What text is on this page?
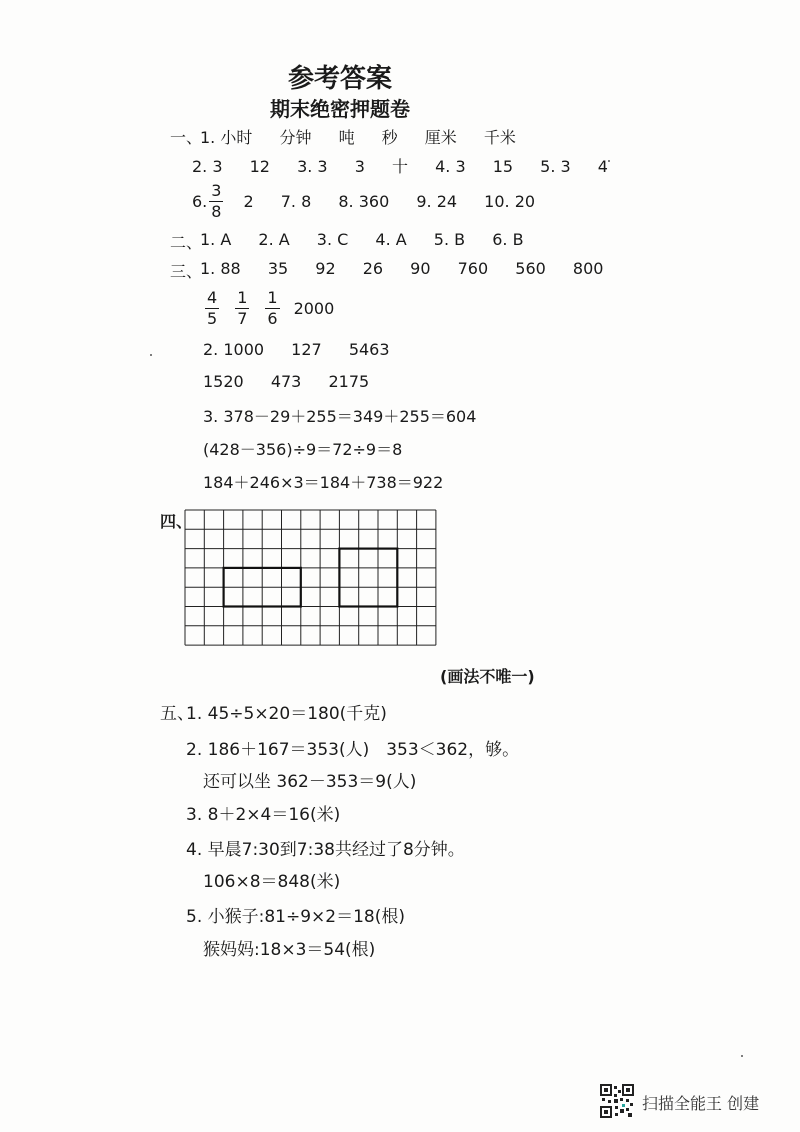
参考答案
期末绝密押题卷
一、
1. 小时 分钟 吨 秒 厘米 千米
2. 3 12 3. 3 3 十 4. 3 15 5. 3 4
6. $\frac{3}{8} 2$ 7. 8 8. 360 9. 24 10. 20
二、
1. A 2. A 3. C 4. A 5. B 6. B
三、
1. 88 35 92 26 90 760 560 800
$\frac{4}{5} \frac{1}{7} \frac{1}{6} 2000$
2. 1000 127 5463
1520 473 2175
3. 378－29＋255＝349＋255＝604
(428－356)÷9＝72÷9＝8
184＋246×3＝184＋738＝922
四、
(画法不唯一)
五、
1. 45÷5×20＝180(千克)
2. 186＋167＝353(人)　353＜362，够。
还可以坐 362－353＝9(人)
3. 8＋2×4＝16(米)
4. 早晨7:30到7:38共经过了8分钟。
106×8＝848(米)
5. 小猴子:81÷9×2＝18(根)
猴妈妈:18×3＝54(根)
扫描全能王 创建
